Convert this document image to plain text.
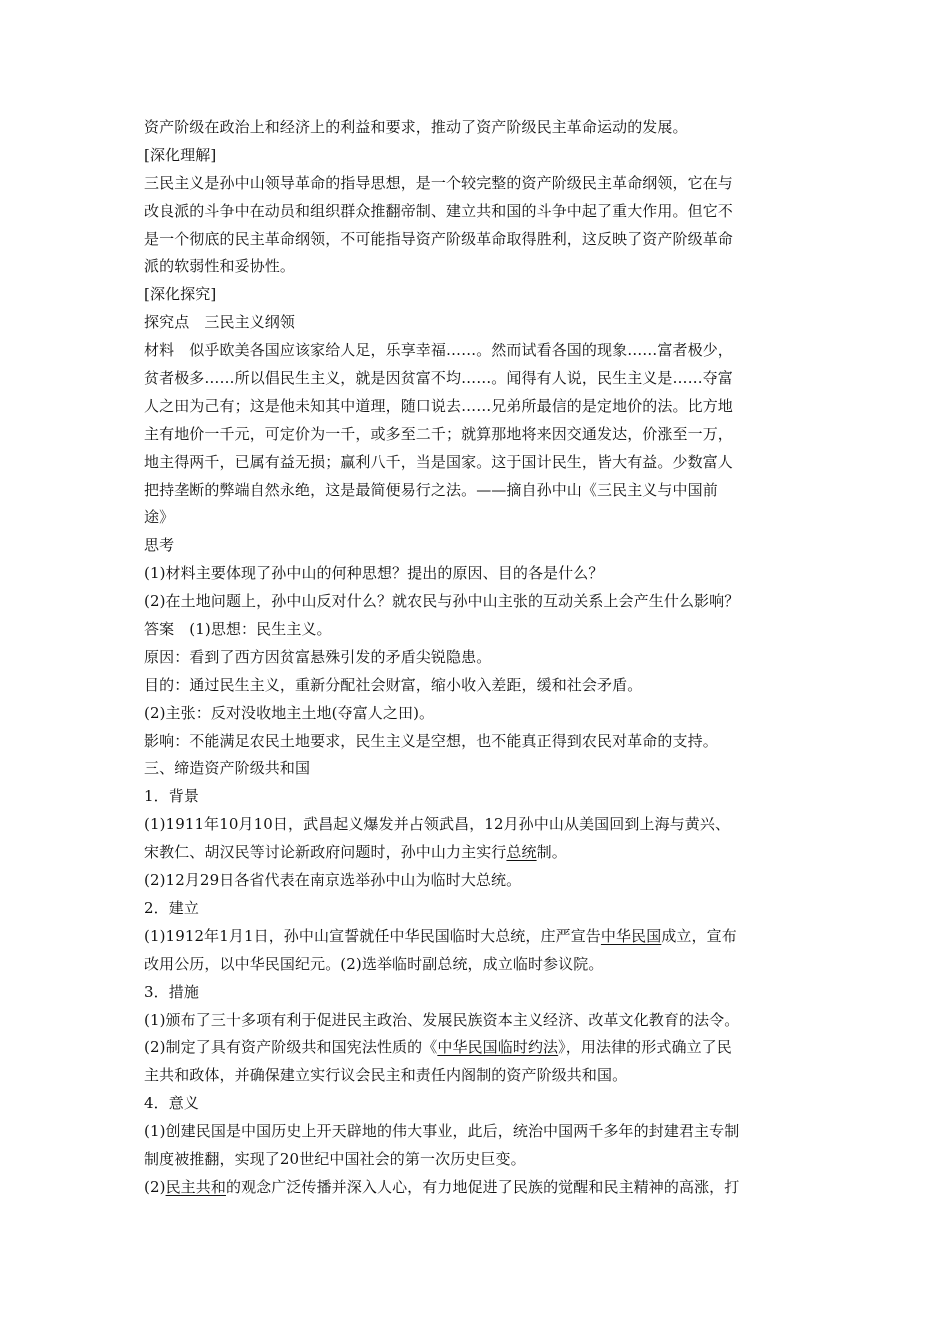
资产阶级在政治上和经济上的利益和要求，推动了资产阶级民主革命运动的发展。
[深化理解]
三民主义是孙中山领导革命的指导思想，是一个较完整的资产阶级民主革命纲领，它在与
改良派的斗争中在动员和组织群众推翻帝制、建立共和国的斗争中起了重大作用。但它不
是一个彻底的民主革命纲领，不可能指导资产阶级革命取得胜利，这反映了资产阶级革命
派的软弱性和妥协性。
[深化探究]
探究点　三民主义纲领
材料　似乎欧美各国应该家给人足，乐享幸福……。然而试看各国的现象……富者极少，
贫者极多……所以倡民生主义，就是因贫富不均……。闻得有人说，民生主义是……夺富
人之田为己有；这是他未知其中道理，随口说去……兄弟所最信的是定地价的法。比方地
主有地价一千元，可定价为一千，或多至二千；就算那地将来因交通发达，价涨至一万，
地主得两千，已属有益无损；赢利八千，当是国家。这于国计民生，皆大有益。少数富人
把持垄断的弊端自然永绝，这是最简便易行之法。——摘自孙中山《三民主义与中国前
途》
思考
(1)材料主要体现了孙中山的何种思想？提出的原因、目的各是什么？
(2)在土地问题上，孙中山反对什么？就农民与孙中山主张的互动关系上会产生什么影响？
答案　(1)思想：民生主义。
原因：看到了西方因贫富悬殊引发的矛盾尖锐隐患。
目的：通过民生主义，重新分配社会财富，缩小收入差距，缓和社会矛盾。
(2)主张：反对没收地主土地(夺富人之田)。
影响：不能满足农民土地要求，民生主义是空想，也不能真正得到农民对革命的支持。
三、缔造资产阶级共和国
1．背景
(1)1911年10月10日，武昌起义爆发并占领武昌，12月孙中山从美国回到上海与黄兴、
宋教仁、胡汉民等讨论新政府问题时，孙中山力主实行总统制。
(2)12月29日各省代表在南京选举孙中山为临时大总统。
2．建立
(1)1912年1月1日，孙中山宣誓就任中华民国临时大总统，庄严宣告中华民国成立，宣布
改用公历，以中华民国纪元。(2)选举临时副总统，成立临时参议院。
3．措施
(1)颁布了三十多项有利于促进民主政治、发展民族资本主义经济、改革文化教育的法令。
(2)制定了具有资产阶级共和国宪法性质的《中华民国临时约法》，用法律的形式确立了民
主共和政体，并确保建立实行议会民主和责任内阁制的资产阶级共和国。
4．意义
(1)创建民国是中国历史上开天辟地的伟大事业，此后，统治中国两千多年的封建君主专制
制度被推翻，实现了20世纪中国社会的第一次历史巨变。
(2)民主共和的观念广泛传播并深入人心，有力地促进了民族的觉醒和民主精神的高涨，打
